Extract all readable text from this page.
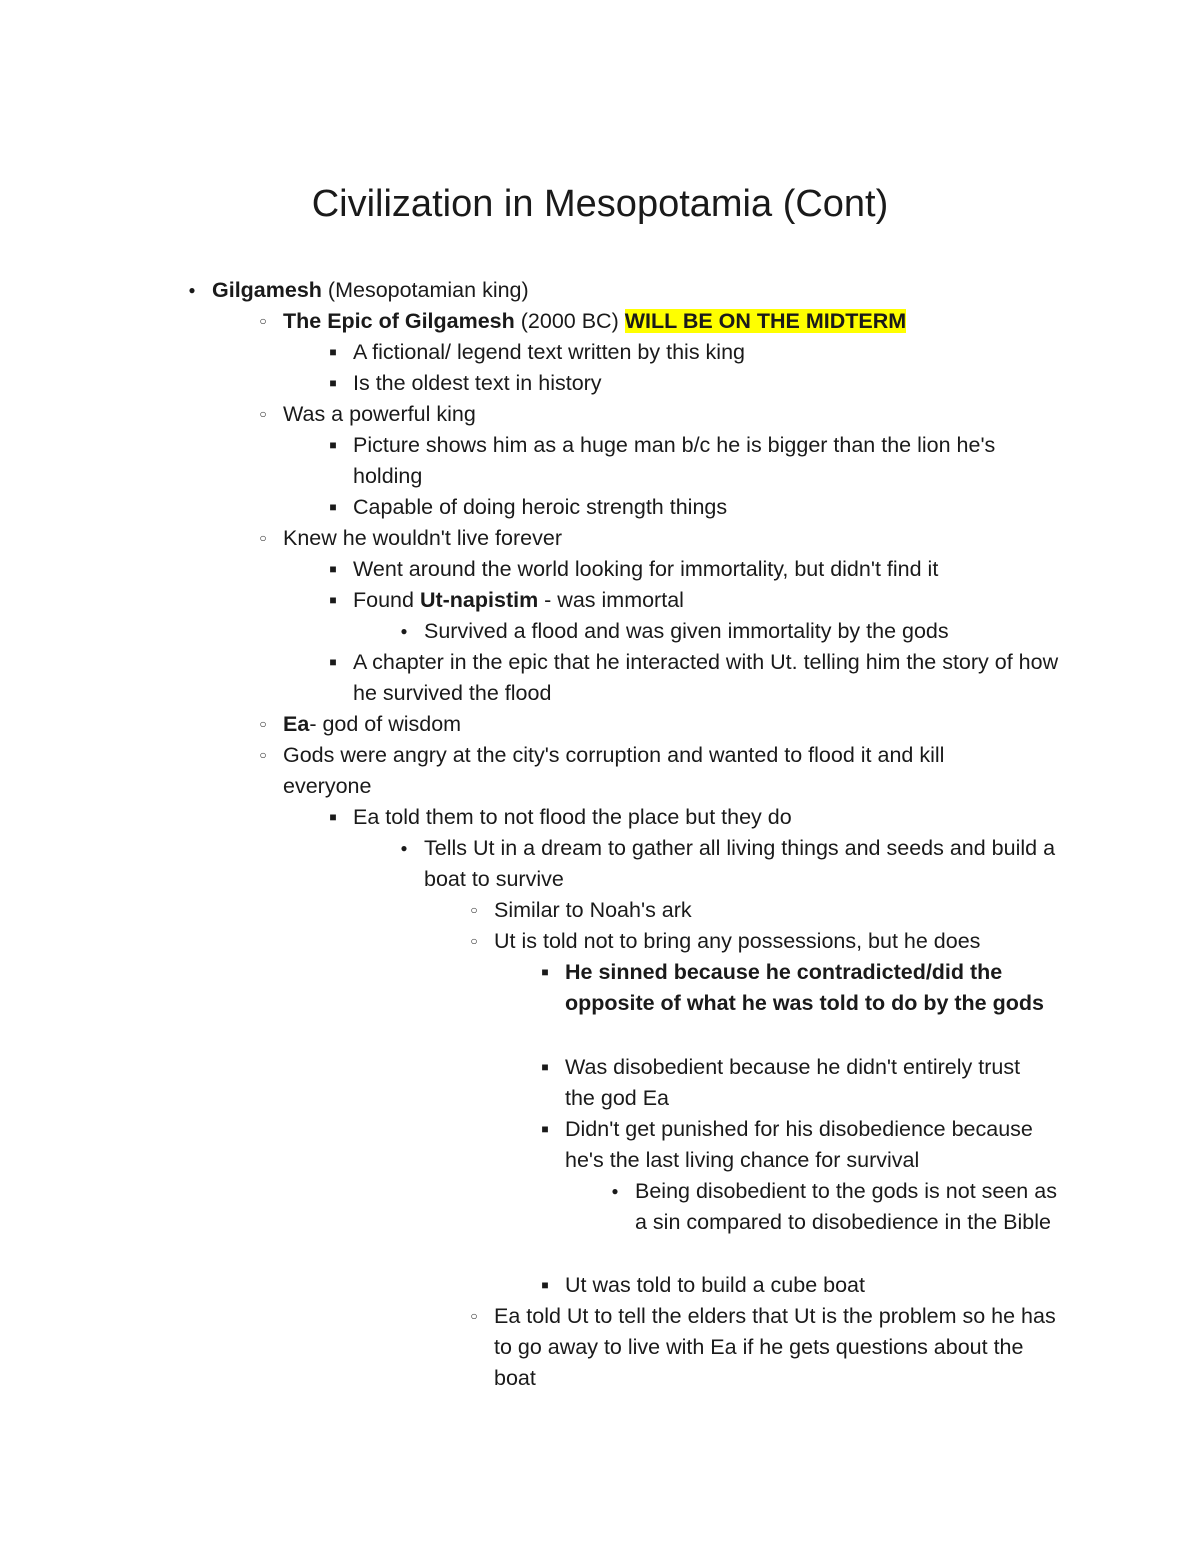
Civilization in Mesopotamia (Cont)
● Gilgamesh (Mesopotamian king)
○ The Epic of Gilgamesh (2000 BC) WILL BE ON THE MIDTERM
■ A fictional/ legend text written by this king
■ Is the oldest text in history
○ Was a powerful king
■ Picture shows him as a huge man b/c he is bigger than the lion he's holding
■ Capable of doing heroic strength things
○ Knew he wouldn't live forever
■ Went around the world looking for immortality, but didn't find it
■ Found Ut-napistim - was immortal
● Survived a flood and was given immortality by the gods
■ A chapter in the epic that he interacted with Ut. telling him the story of how he survived the flood
○ Ea- god of wisdom
○ Gods were angry at the city's corruption and wanted to flood it and kill everyone
■ Ea told them to not flood the place but they do
● Tells Ut in a dream to gather all living things and seeds and build a boat to survive
○ Similar to Noah's ark
○ Ut is told not to bring any possessions, but he does
■ He sinned because he contradicted/did the opposite of what he was told to do by the gods
■ Was disobedient because he didn't entirely trust the god Ea
■ Didn't get punished for his disobedience because he's the last living chance for survival
● Being disobedient to the gods is not seen as a sin compared to disobedience in the Bible
■ Ut was told to build a cube boat
○ Ea told Ut to tell the elders that Ut is the problem so he has to go away to live with Ea if he gets questions about the boat
